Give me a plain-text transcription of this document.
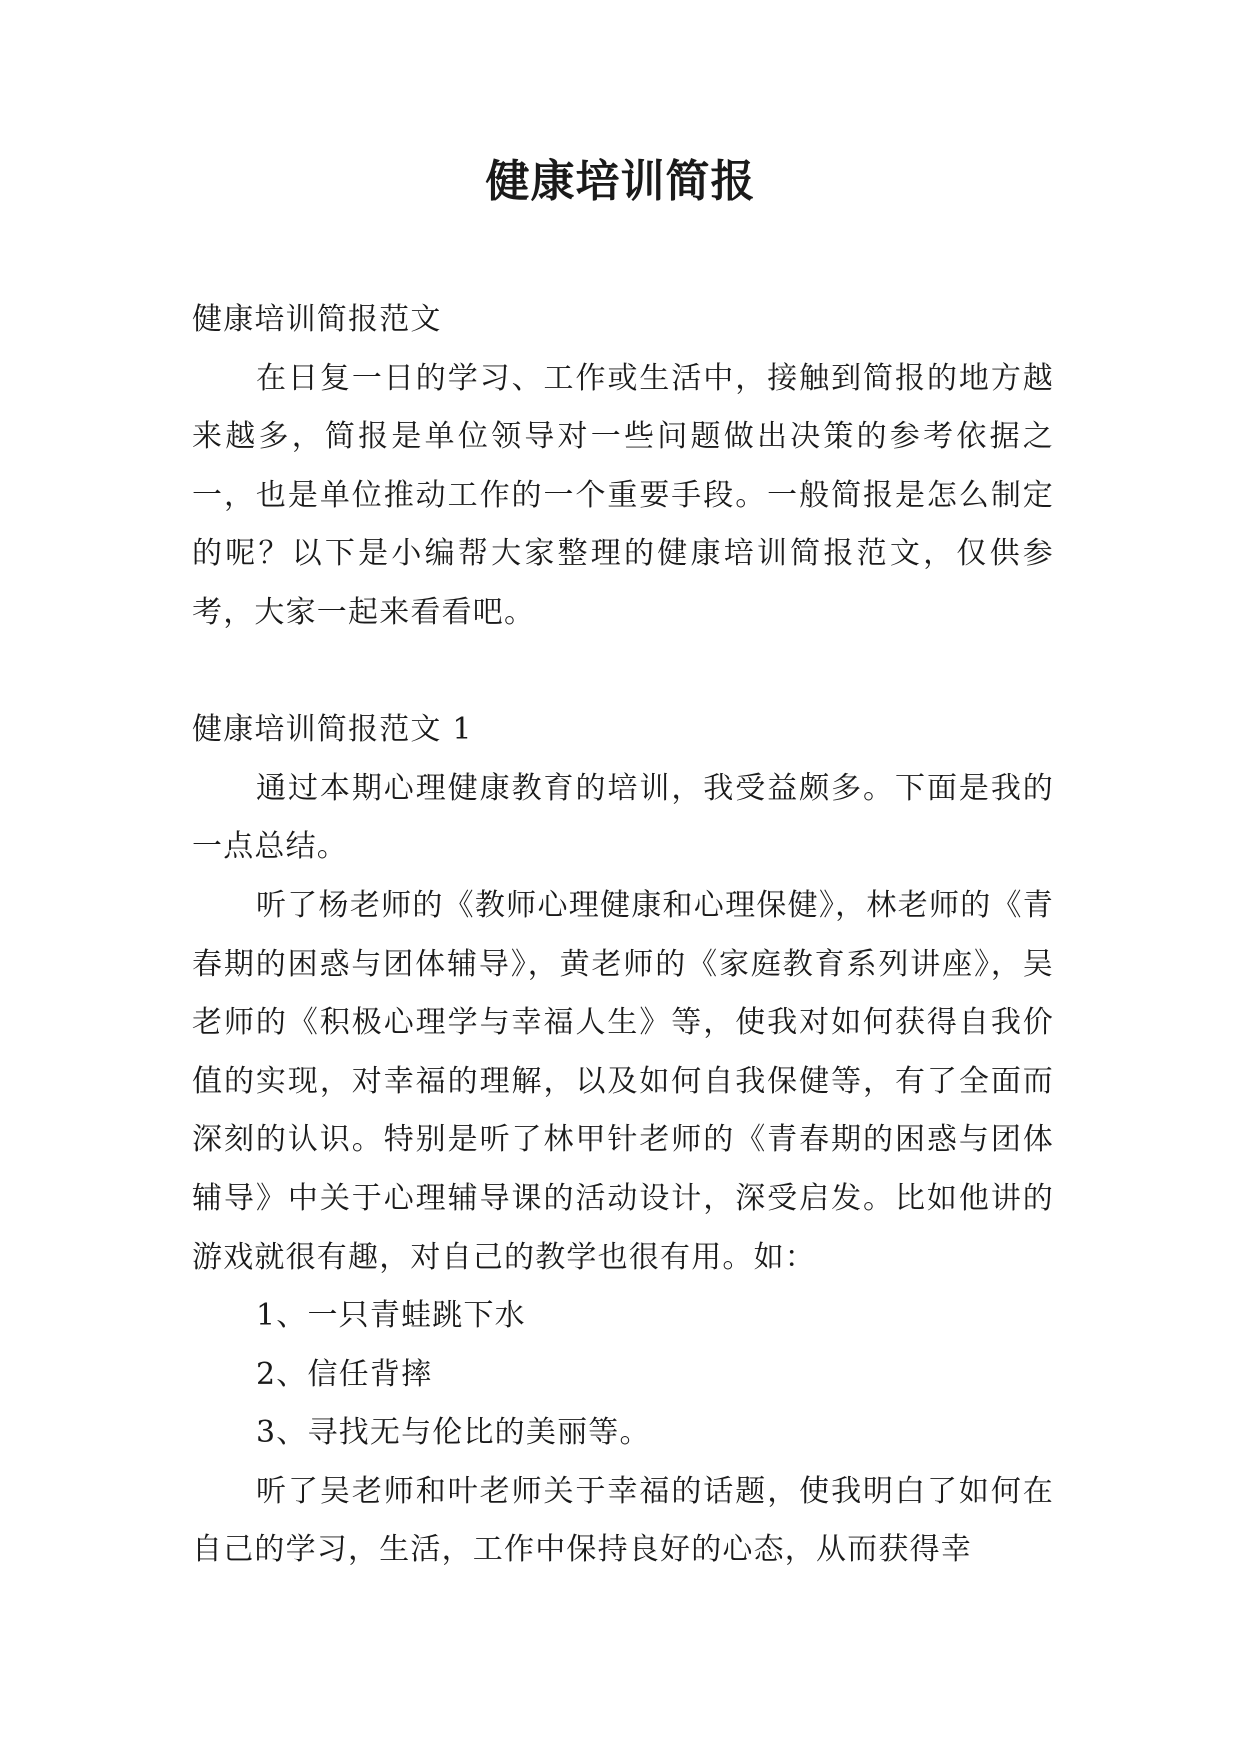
健康培训简报

健康培训简报范文

在日复一日的学习、工作或生活中，接触到简报的地方越来越多，简报是单位领导对一些问题做出决策的参考依据之一，也是单位推动工作的一个重要手段。一般简报是怎么制定的呢？以下是小编帮大家整理的健康培训简报范文，仅供参考，大家一起来看看吧。

健康培训简报范文 1

通过本期心理健康教育的培训，我受益颇多。下面是我的一点总结。

听了杨老师的《教师心理健康和心理保健》，林老师的《青春期的困惑与团体辅导》，黄老师的《家庭教育系列讲座》，吴老师的《积极心理学与幸福人生》等，使我对如何获得自我价值的实现，对幸福的理解，以及如何自我保健等，有了全面而深刻的认识。特别是听了林甲针老师的《青春期的困惑与团体辅导》中关于心理辅导课的活动设计，深受启发。比如他讲的游戏就很有趣，对自己的教学也很有用。如：

1、一只青蛙跳下水

2、信任背摔

3、寻找无与伦比的美丽等。

听了吴老师和叶老师关于幸福的话题，使我明白了如何在自己的学习，生活，工作中保持良好的心态，从而获得幸
